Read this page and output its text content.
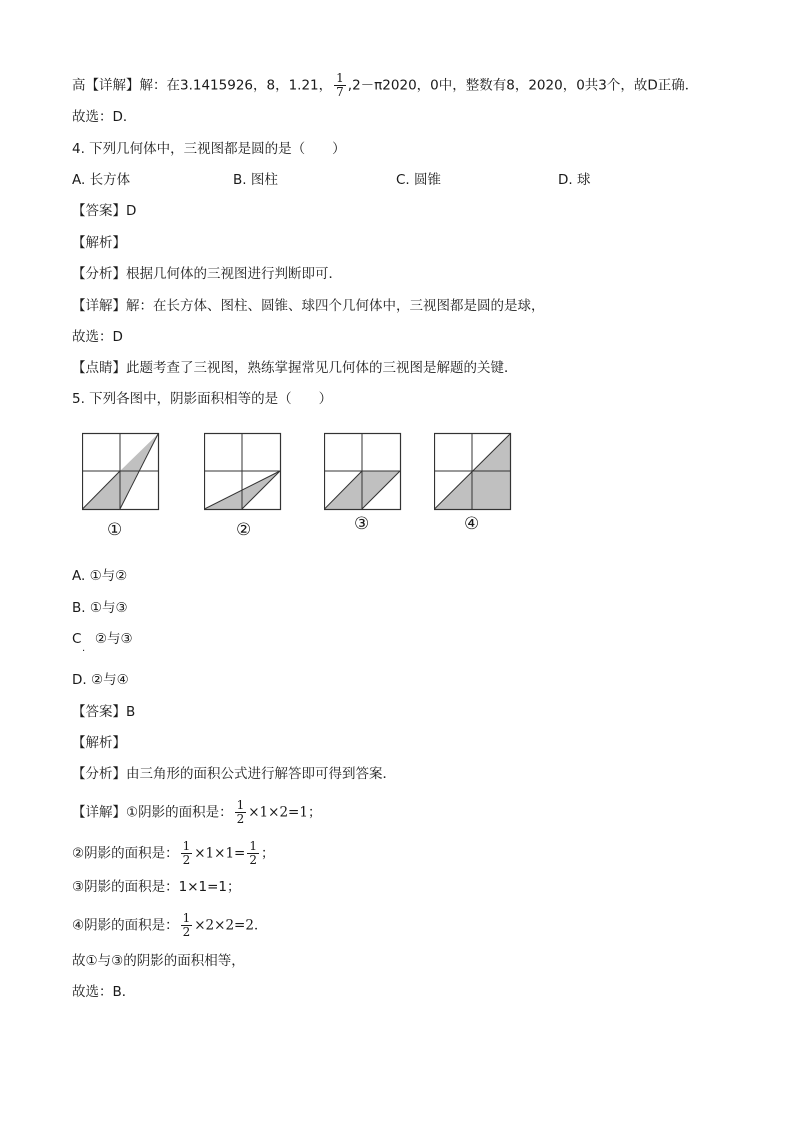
高【详解】解：在3.1415926，8，1.21， $\frac{1}{7} ,2-\pi 2020$，0中，整数有8，2020，0共3个，故D正确．
故选：D．
4. 下列几何体中，三视图都是圆的是（　　）
A. 长方体	B. 图柱	C. 圆锥	D. 球
【答案】D
【解析】
【分析】根据几何体的三视图进行判断即可．
【详解】解：在长方体、图柱、圆锥、球四个几何体中，三视图都是圆的是球，
故选：D
【点睛】此题考查了三视图，熟练掌握常见几何体的三视图是解题的关键．
5. 下列各图中，阴影面积相等的是（　　）
①	②	③	④
A. ①与②
B. ①与③
C　②与③
·
D. ②与④
【答案】B
【解析】
【分析】由三角形的面积公式进行解答即可得到答案．
【详解】①阴影的面积是： $\frac{1}{2} \times 1\times 2=1$；
②阴影的面积是： $\frac{1}{2} \times 1\times 1= \frac{1}{2}$ ；
③阴影的面积是：1×1=1；
④阴影的面积是： $\frac{1}{2} \times 2\times 2=2$．
故①与③的阴影的面积相等，
故选：B．
